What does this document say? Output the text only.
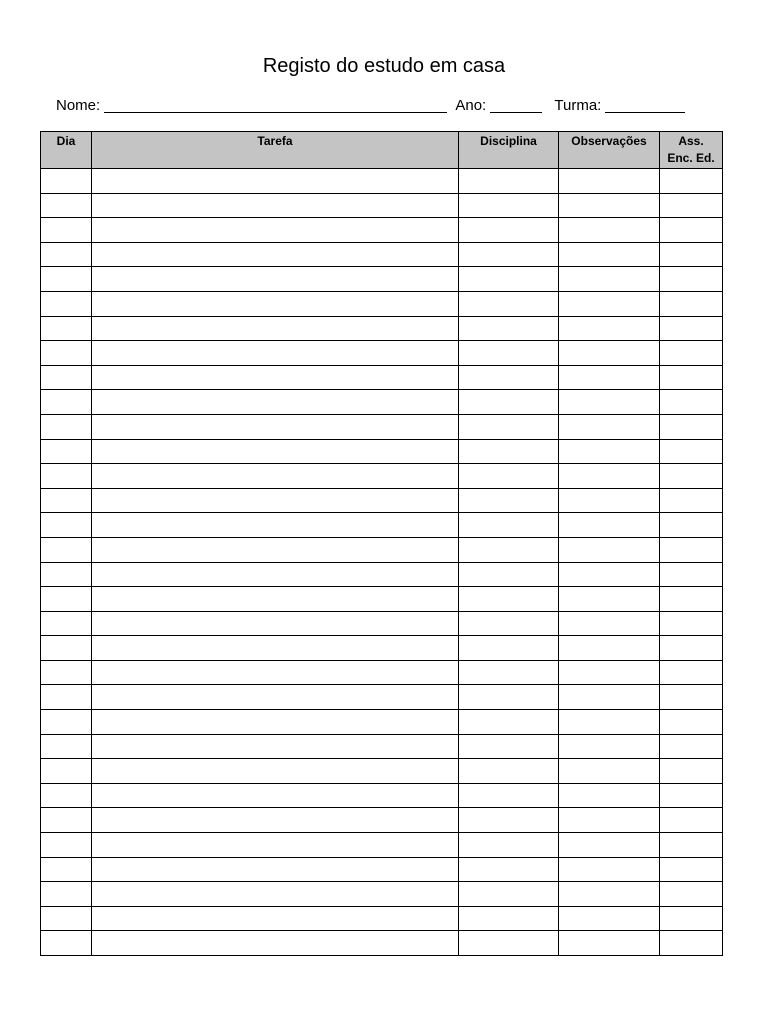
Registo do estudo em casa
Nome:	Ano:	Turma:
Dia	Tarefa	Disciplina	Observações	Ass.
Enc. Ed.
